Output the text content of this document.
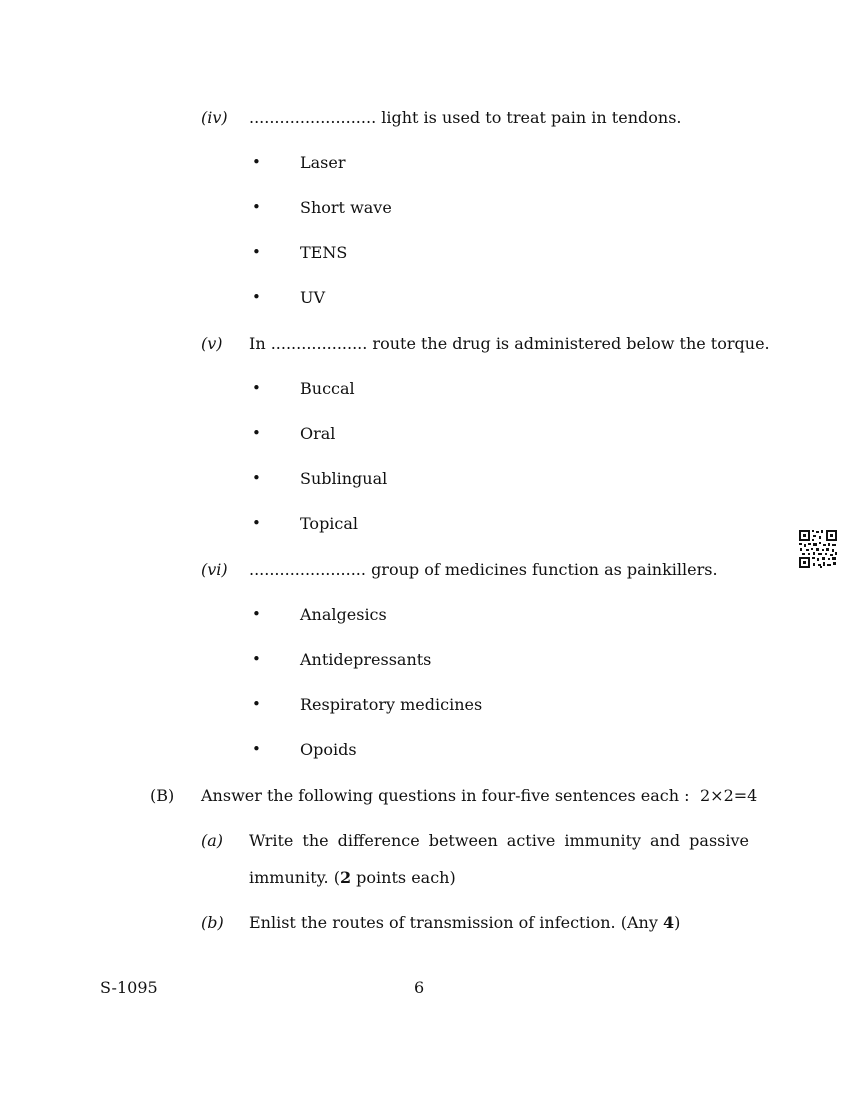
(iv) ......................... light is used to treat pain in tendons.
• Laser
• Short wave
• TENS
• UV
(v) In ................... route the drug is administered below the torque.
• Buccal
• Oral
• Sublingual
• Topical
(vi) ....................... group of medicines function as painkillers.
• Analgesics
• Antidepressants
• Respiratory medicines
• Opoids
(B) Answer the following questions in four-five sentences each : 2×2=4
(a) Write the difference between active immunity and passive
immunity. (2 points each)
(b) Enlist the routes of transmission of infection. (Any 4)
S-1095	6
